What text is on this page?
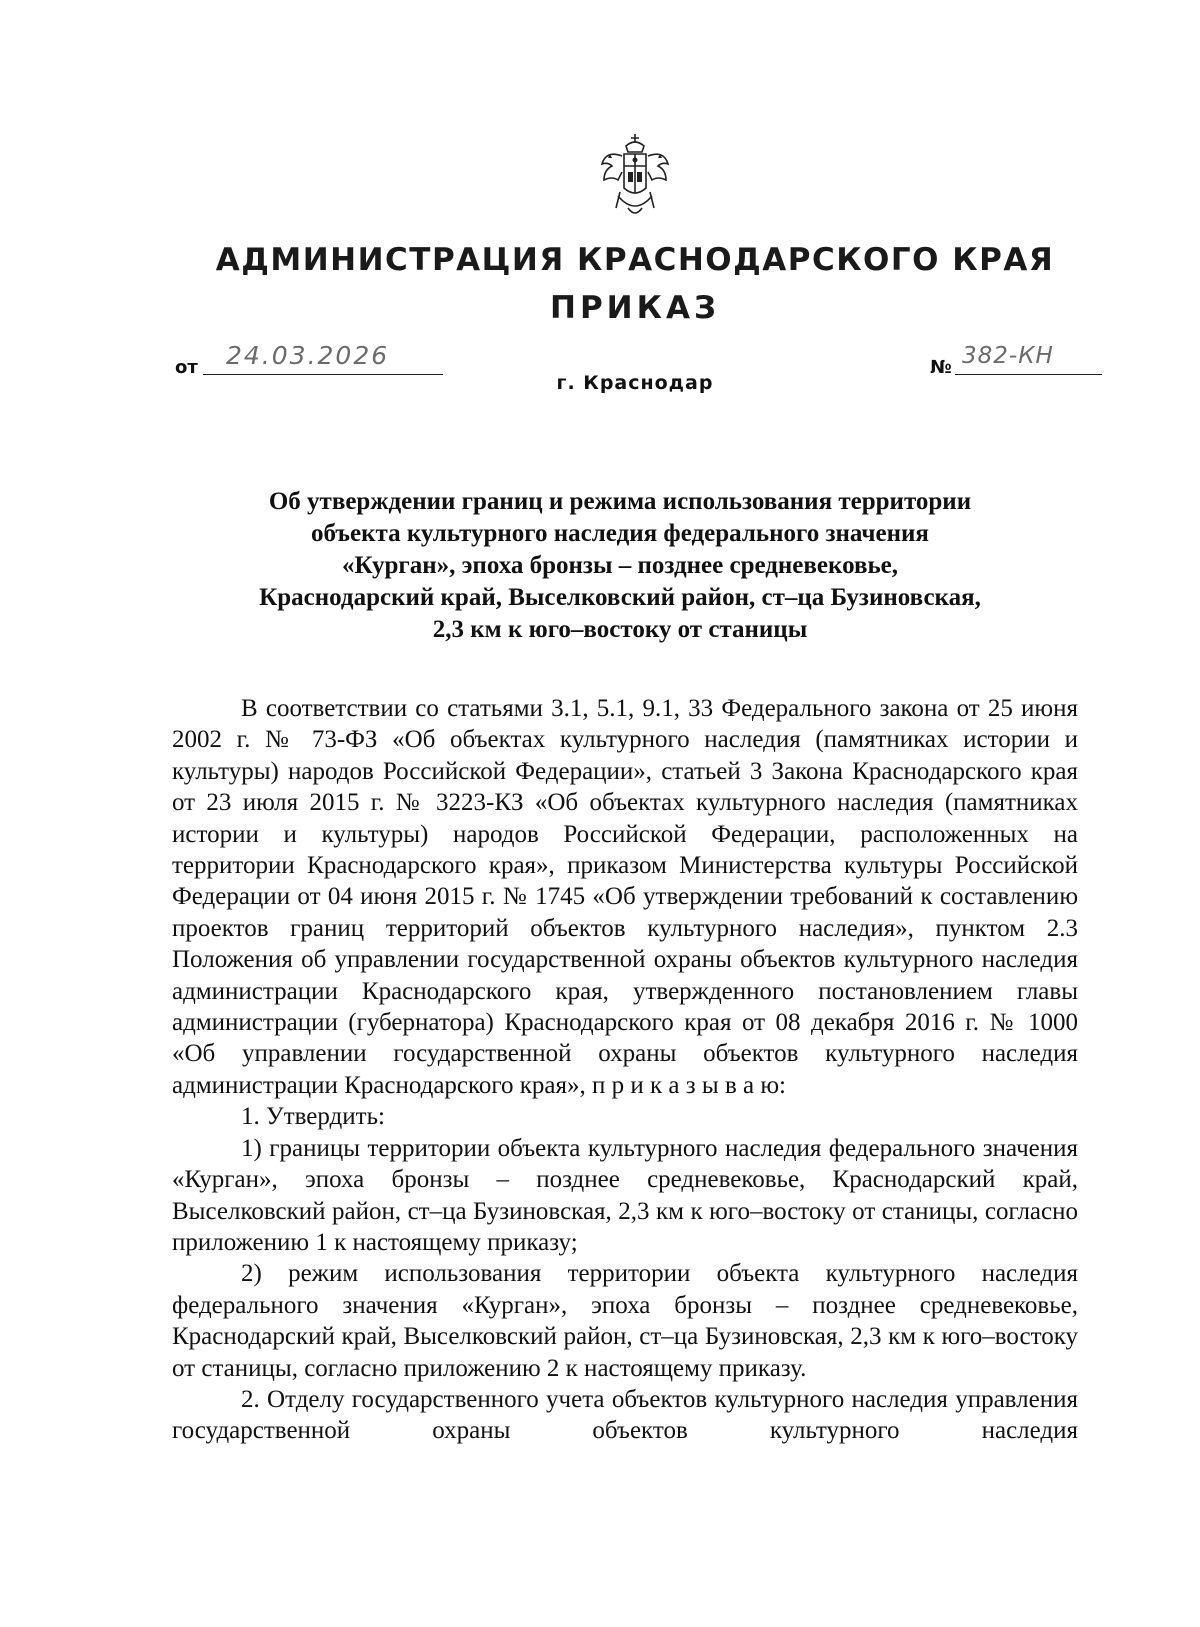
АДМИНИСТРАЦИЯ КРАСНОДАРСКОГО КРАЯ
ПРИКАЗ
от 24.03.2026	№ 382-КН
г. Краснодар
Об утверждении границ и режима использования территории
объекта культурного наследия федерального значения
«Курган», эпоха бронзы – позднее средневековье,
Краснодарский край, Выселковский район, ст–ца Бузиновская,
2,3 км к юго–востоку от станицы
В соответствии со статьями 3.1, 5.1, 9.1, 33 Федерального закона от 25 июня 2002 г. № 73-ФЗ «Об объектах культурного наследия (памятниках истории и культуры) народов Российской Федерации», статьей 3 Закона Краснодарского края от 23 июля 2015 г. № 3223-КЗ «Об объектах культурного наследия (памятниках истории и культуры) народов Российской Федерации, расположенных на территории Краснодарского края», приказом Министерства культуры Российской Федерации от 04 июня 2015 г. № 1745 «Об утверждении требований к составлению проектов границ территорий объектов культурного наследия», пунктом 2.3 Положения об управлении государственной охраны объектов культурного наследия администрации Краснодарского края, утвержденного постановлением главы администрации (губернатора) Краснодарского края от 08 декабря 2016 г. № 1000 «Об управлении государственной охраны объектов культурного наследия администрации Краснодарского края», п р и к а з ы в а ю:
1. Утвердить:
1) границы территории объекта культурного наследия федерального значения «Курган», эпоха бронзы – позднее средневековье, Краснодарский край, Выселковский район, ст–ца Бузиновская, 2,3 км к юго–востоку от станицы, согласно приложению 1 к настоящему приказу;
2) режим использования территории объекта культурного наследия федерального значения «Курган», эпоха бронзы – позднее средневековье, Краснодарский край, Выселковский район, ст–ца Бузиновская, 2,3 км к юго–востоку от станицы, согласно приложению 2 к настоящему приказу.
2. Отделу государственного учета объектов культурного наследия управления государственной охраны объектов культурного наследия
